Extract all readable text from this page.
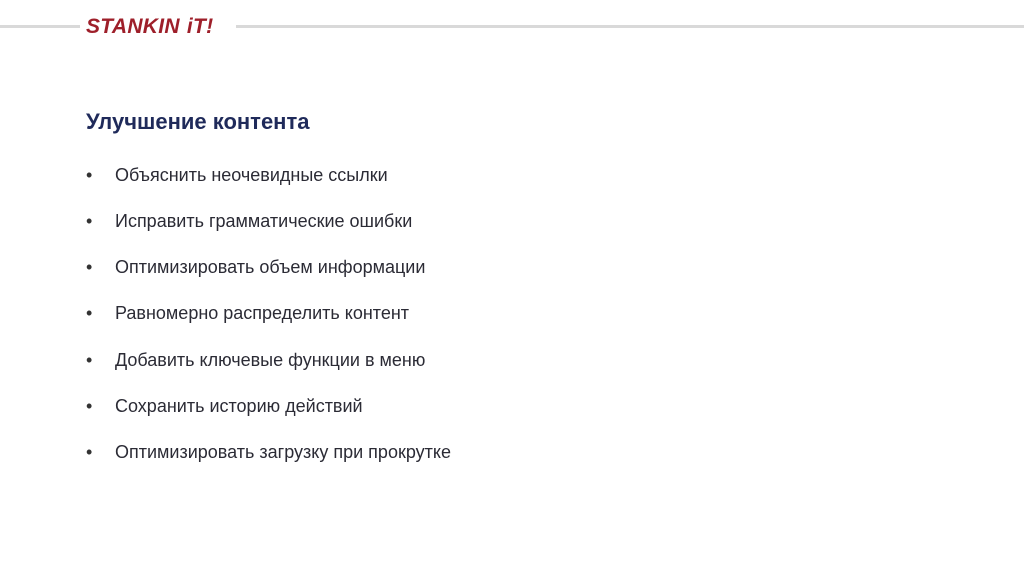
STANKIN iT!
Улучшение контента
•	Объяснить неочевидные ссылки
•	Исправить грамматические ошибки
•	Оптимизировать объем информации
•	Равномерно распределить контент
•	Добавить ключевые функции в меню
•	Сохранить историю действий
•	Оптимизировать загрузку при прокрутке
